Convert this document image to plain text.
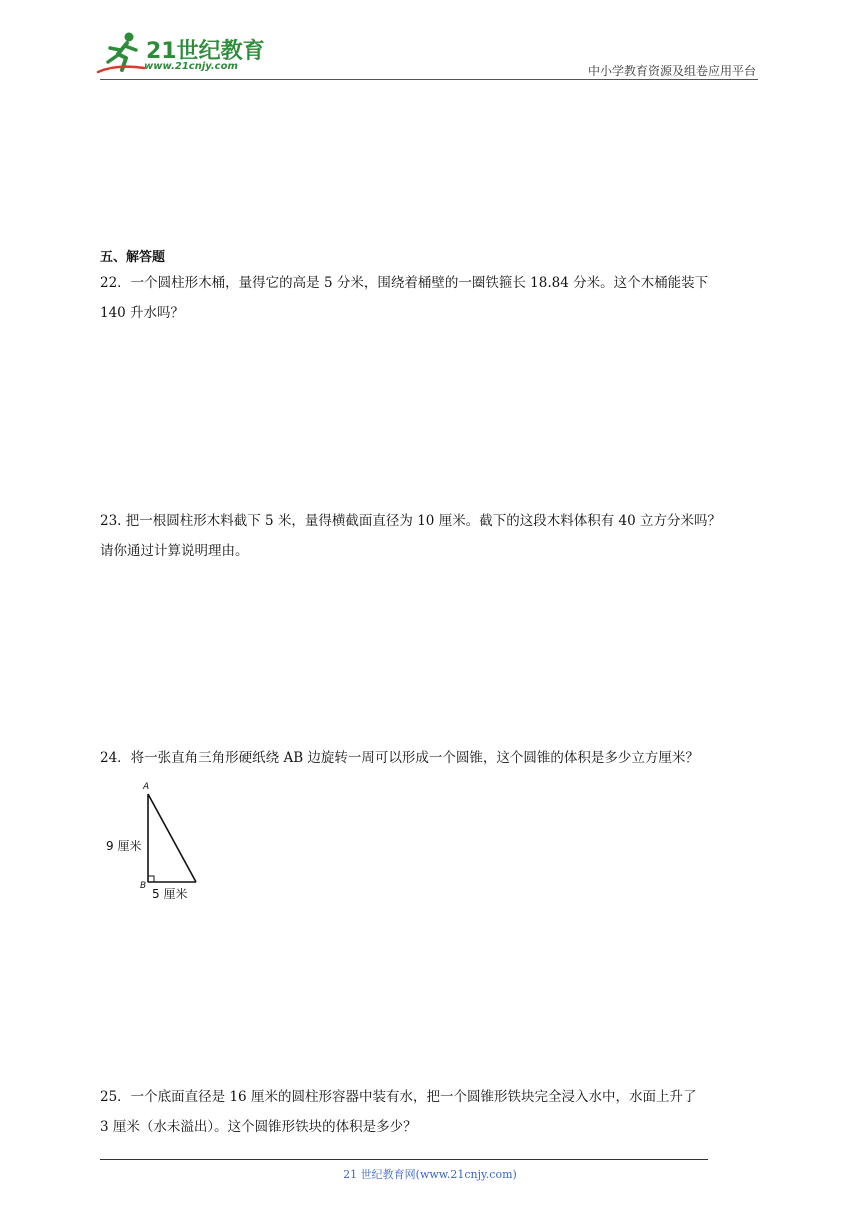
21世纪教育
www.21cnjy.com	中小学教育资源及组卷应用平台
五、解答题
22．一个圆柱形木桶，量得它的高是 5 分米，围绕着桶壁的一圈铁箍长 18.84 分米。这个木桶能装下
140 升水吗？
23. 把一根圆柱形木料截下 5 米，量得横截面直径为 10 厘米。截下的这段木料体积有 40 立方分米吗？
请你通过计算说明理由。
24．将一张直角三角形硬纸绕 AB 边旋转一周可以形成一个圆锥，这个圆锥的体积是多少立方厘米？
A
B
9 厘米
5 厘米
25．一个底面直径是 16 厘米的圆柱形容器中装有水，把一个圆锥形铁块完全浸入水中，水面上升了
3 厘米（水未溢出）。这个圆锥形铁块的体积是多少？
21 世纪教育网(www.21cnjy.com)
